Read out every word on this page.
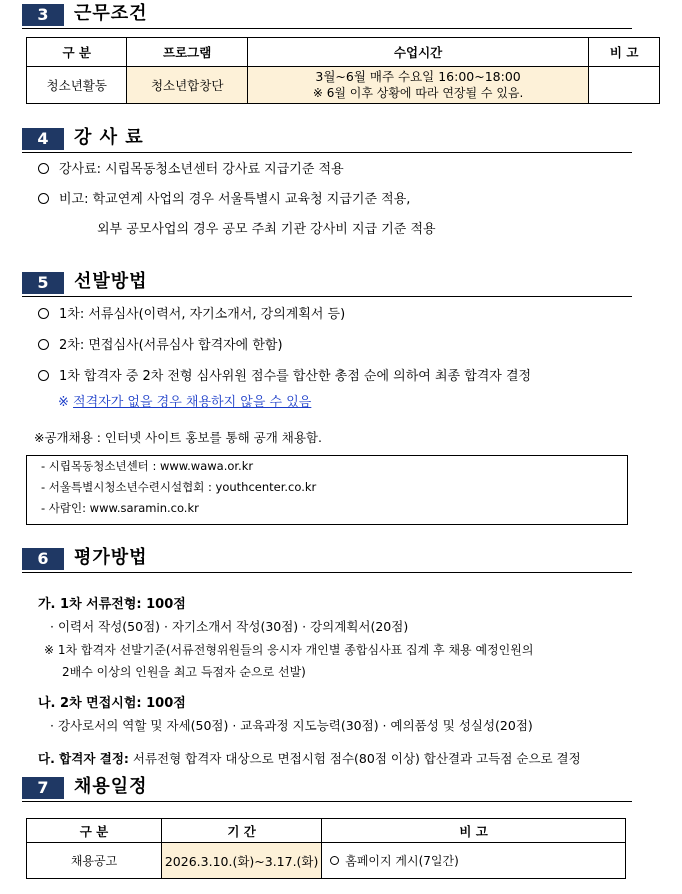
3	근무조건
구 분	프로그램	수업시간	비 고
청소년활동	청소년합창단	3월~6월 매주 수요일 16:00~18:00
※ 6월 이후 상황에 따라 연장될 수 있음.	

4	강 사 료
강사료: 시립목동청소년센터 강사료 지급기준 적용
비고: 학교연계 사업의 경우 서울특별시 교육청 지급기준 적용,
외부 공모사업의 경우 공모 주최 기관 강사비 지급 기준 적용
5	선발방법
1차: 서류심사(이력서, 자기소개서, 강의계획서 등)
2차: 면접심사(서류심사 합격자에 한함)
1차 합격자 중 2차 전형 심사위원 점수를 합산한 총점 순에 의하여 최종 합격자 결정
※ 적격자가 없을 경우 채용하지 않을 수 있음
※공개채용 : 인터넷 사이트 홍보를 통해 공개 채용함.
- 시립목동청소년센터 : www.wawa.or.kr
- 서울특별시청소년수련시설협회 : youthcenter.co.kr
- 사람인: www.saramin.co.kr
6	평가방법
가. 1차 서류전형: 100점
· 이력서 작성(50점) · 자기소개서 작성(30점) · 강의계획서(20점)
※ 1차 합격자 선발기준(서류전형위원들의 응시자 개인별 종합심사표 집계 후 채용 예정인원의
2배수 이상의 인원을 최고 득점자 순으로 선발)
나. 2차 면접시험: 100점
· 강사로서의 역할 및 자세(50점) · 교육과정 지도능력(30점) · 예의품성 및 성실성(20점)
다. 합격자 결정: 서류전형 합격자 대상으로 면접시험 점수(80점 이상) 합산결과 고득점 순으로 결정
7	채용일정
구 분	기 간	비 고
채용공고	2026.3.10.(화)~3.17.(화)	홈페이지 게시(7일간)
